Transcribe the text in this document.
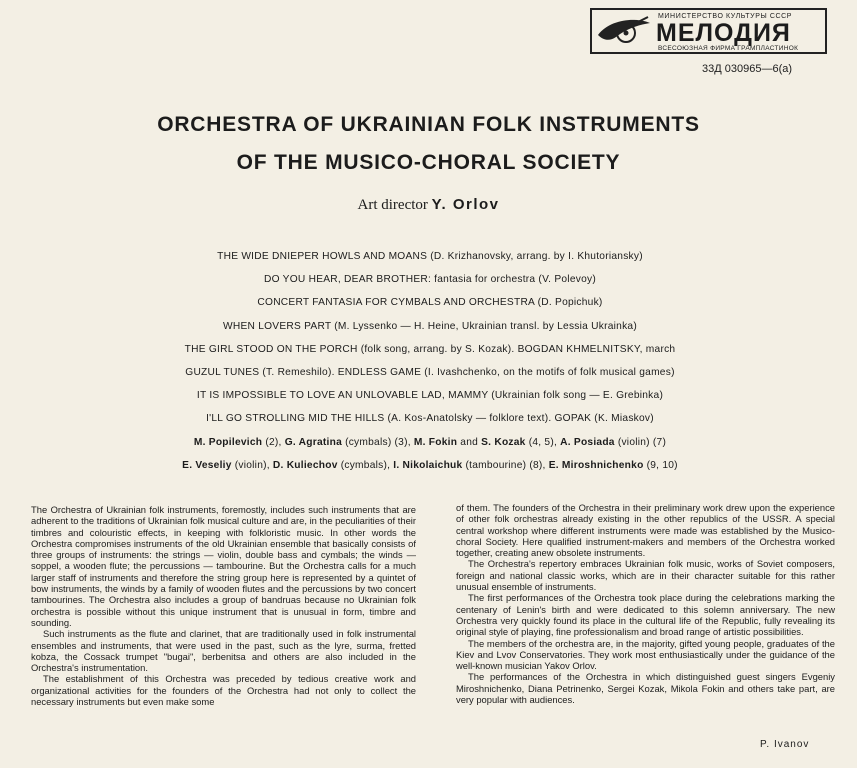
МИНИСТЕРСТВО КУЛЬТУРЫ СССР
МЕЛОДИЯ
ВСЕСОЮЗНАЯ ФИРМА ГРАМПЛАСТИНОК
33Д 030965—6(а)
ORCHESTRA OF UKRAINIAN FOLK INSTRUMENTS
OF THE MUSICO-CHORAL SOCIETY
Art director Y. Orlov
THE WIDE DNIEPER HOWLS AND MOANS (D. Krizhanovsky, arrang. by I. Khutoriansky)
DO YOU HEAR, DEAR BROTHER: fantasia for orchestra (V. Polevoy)
CONCERT FANTASIA FOR CYMBALS AND ORCHESTRA (D. Popichuk)
WHEN LOVERS PART (M. Lyssenko — H. Heine, Ukrainian transl. by Lessia Ukrainka)
THE GIRL STOOD ON THE PORCH (folk song, arrang. by S. Kozak). BOGDAN KHMELNITSKY, march
GUZUL TUNES (T. Remeshilo). ENDLESS GAME (I. Ivashchenko, on the motifs of folk musical games)
IT IS IMPOSSIBLE TO LOVE AN UNLOVABLE LAD, MAMMY (Ukrainian folk song — E. Grebinka)
I'LL GO STROLLING MID THE HILLS (A. Kos-Anatolsky — folklore text). GOPAK (K. Miaskov)
M. Popilevich (2), G. Agratina (cymbals) (3), M. Fokin and S. Kozak (4, 5), A. Posiada (violin) (7)
E. Veseliy (violin), D. Kuliechov (cymbals), I. Nikolaichuk (tambourine) (8), E. Miroshnichenko (9, 10)

The Orchestra of Ukrainian folk instruments, foremostly, includes such instruments that are adherent to the traditions of Ukrainian folk musical culture and are, in the peculiarities of their timbres and colouristic effects, in keeping with folkloristic music. In other words the Orchestra compromises instruments of the old Ukrainian ensemble that basically consists of three groups of instruments: the strings — violin, double bass and cymbals; the winds — soppel, a wooden flute; the percussions — tambourine. But the Orchestra calls for a much larger staff of instruments and therefore the string group here is represented by a quintet of bow instruments, the winds by a family of wooden flutes and the percussions by two concert tambourines. The Orchestra also includes a group of bandruas because no Ukrainian folk orchestra is possible without this unique instrument that is unusual in form, timbre and sounding.

Such instruments as the flute and clarinet, that are traditionally used in folk instrumental ensembles and instruments, that were used in the past, such as the lyre, surma, fretted kobza, the Cossack trumpet "bugai", berbenitsa and others are also included in the Orchestra's instrumentation.

The establishment of this Orchestra was preceded by tedious creative work and organizational activities for the founders of the Orchestra had not only to collect the necessary instruments but even make some

of them. The founders of the Orchestra in their preliminary work drew upon the experience of other folk orchestras already existing in the other republics of the USSR. A special central workshop where different instruments were made was established by the Musico-choral Society. Here qualified instrument-makers and members of the Orchestra worked together, creating anew obsolete instruments.

The Orchestra's repertory embraces Ukrainian folk music, works of Soviet composers, foreign and national classic works, which are in their character suitable for this rather unusual ensemble of instruments.

The first performances of the Orchestra took place during the celebrations marking the centenary of Lenin's birth and were dedicated to this solemn anniversary. The new Orchestra very quickly found its place in the cultural life of the Republic, fully revealing its original style of playing, fine professionalism and broad range of artistic possibilities.

The members of the orchestra are, in the majority, gifted young people, graduates of the Kiev and Lvov Conservatories. They work most enthusiastically under the guidance of the well-known musician Yakov Orlov.

The performances of the Orchestra in which distinguished guest singers Evgeniy Miroshnichenko, Diana Petrinenko, Sergei Kozak, Mikola Fokin and others take part, are very popular with audiences.

P. Ivanov
